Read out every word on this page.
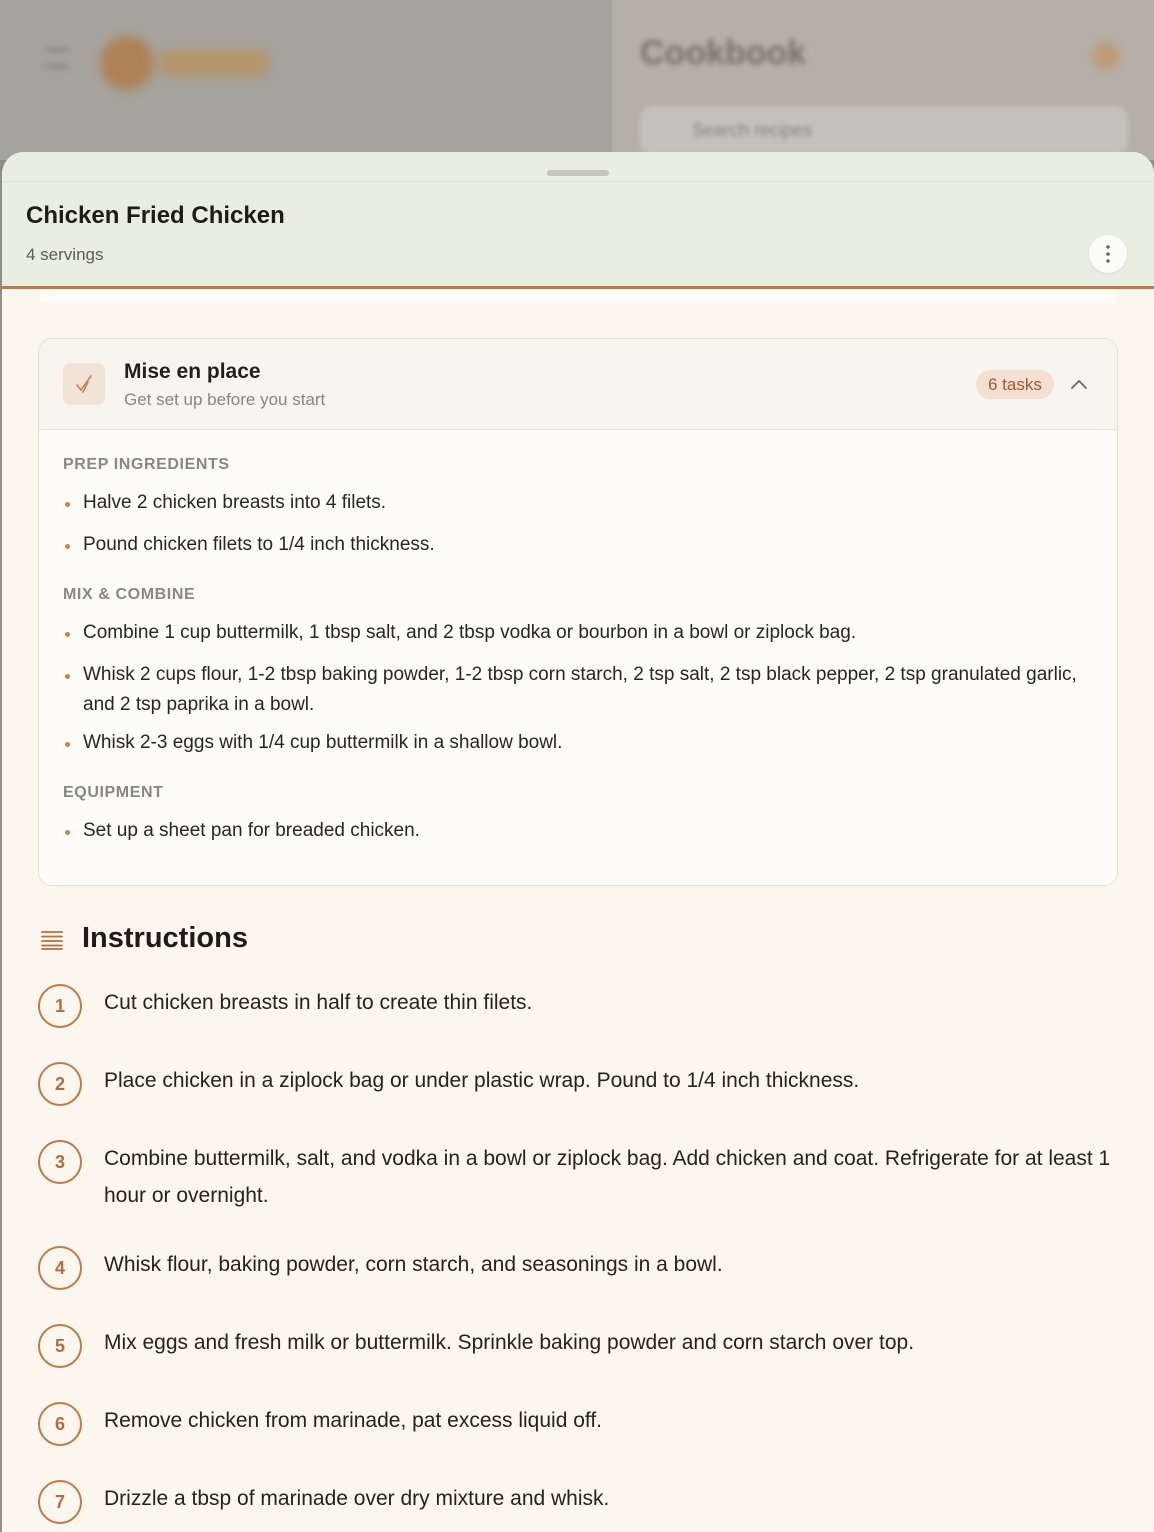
Cookbook
Search recipes
Chicken Fried Chicken
4 servings
Mise en place
Get set up before you start
6 tasks
PREP INGREDIENTS
Halve 2 chicken breasts into 4 filets.
Pound chicken filets to 1/4 inch thickness.
MIX & COMBINE
Combine 1 cup buttermilk, 1 tbsp salt, and 2 tbsp vodka or bourbon in a bowl or ziplock bag.
Whisk 2 cups flour, 1-2 tbsp baking powder, 1-2 tbsp corn starch, 2 tsp salt, 2 tsp black pepper, 2 tsp granulated garlic, and 2 tsp paprika in a bowl.
Whisk 2-3 eggs with 1/4 cup buttermilk in a shallow bowl.
EQUIPMENT
Set up a sheet pan for breaded chicken.
Instructions
1	Cut chicken breasts in half to create thin filets.
2	Place chicken in a ziplock bag or under plastic wrap. Pound to 1/4 inch thickness.
3	Combine buttermilk, salt, and vodka in a bowl or ziplock bag. Add chicken and coat. Refrigerate for at least 1 hour or overnight.
4	Whisk flour, baking powder, corn starch, and seasonings in a bowl.
5	Mix eggs and fresh milk or buttermilk. Sprinkle baking powder and corn starch over top.
6	Remove chicken from marinade, pat excess liquid off.
7	Drizzle a tbsp of marinade over dry mixture and whisk.
